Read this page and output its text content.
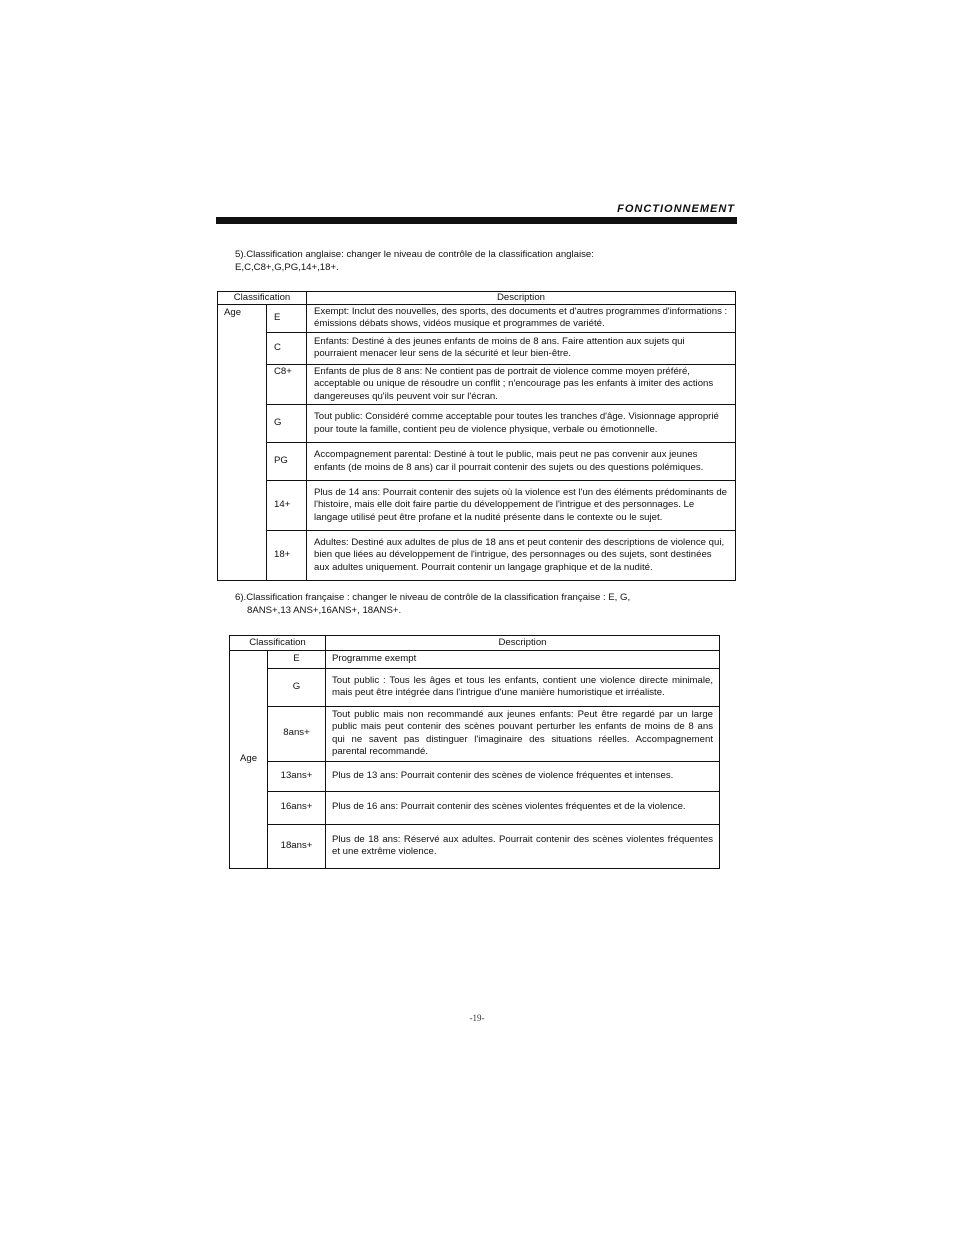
FONCTIONNEMENT
5).Classification anglaise: changer le niveau de contrôle de la classification anglaise:
E,C,C8+,G,PG,14+,18+.
Classification		Description
Age	E	Exempt: Inclut des nouvelles, des sports, des documents et d'autres programmes d'informations : émissions débats shows, vidéos musique et programmes de variété.
	C	Enfants: Destiné à des jeunes enfants de moins de 8 ans. Faire attention aux sujets qui pourraient menacer leur sens de la sécurité et leur bien-être.
	C8+	Enfants de plus de 8 ans: Ne contient pas de portrait de violence comme moyen préféré, acceptable ou unique de résoudre un conflit ; n'encourage pas les enfants à imiter des actions dangereuses qu'ils peuvent voir sur l'écran.
	G	Tout public: Considéré comme acceptable pour toutes les tranches d'âge. Visionnage approprié pour toute la famille, contient peu de violence physique, verbale ou émotionnelle.
	PG	Accompagnement parental: Destiné à tout le public, mais peut ne pas convenir aux jeunes enfants (de moins de 8 ans) car il pourrait contenir des sujets ou des questions polémiques.
	14+	Plus de 14 ans: Pourrait contenir des sujets où la violence est l'un des éléments prédominants de l'histoire, mais elle doit faire partie du développement de l'intrigue et des personnages. Le langage utilisé peut être profane et la nudité présente dans le contexte ou le sujet.
	18+	Adultes: Destiné aux adultes de plus de 18 ans et peut contenir des descriptions de violence qui, bien que liées au développement de l'intrigue, des personnages ou des sujets, sont destinées aux adultes uniquement. Pourrait contenir un langage graphique et de la nudité.
6).Classification française : changer le niveau de contrôle de la classification française : E, G,
8ANS+,13 ANS+,16ANS+, 18ANS+.
Classification		Description
Age	E	Programme exempt
	G	Tout public : Tous les âges et tous les enfants, contient une violence directe minimale, mais peut être intégrée dans l'intrigue d'une manière humoristique et irréaliste.
	8ans+	Tout public mais non recommandé aux jeunes enfants: Peut être regardé par un large public mais peut contenir des scènes pouvant perturber les enfants de moins de 8 ans qui ne savent pas distinguer l'imaginaire des situations réelles. Accompagnement parental recommandé.
	13ans+	Plus de 13 ans: Pourrait contenir des scènes de violence fréquentes et intenses.
	16ans+	Plus de 16 ans: Pourrait contenir des scènes violentes fréquentes et de la violence.
	18ans+	Plus de 18 ans: Réservé aux adultes. Pourrait contenir des scènes violentes fréquentes et une extrême violence.
-19-
